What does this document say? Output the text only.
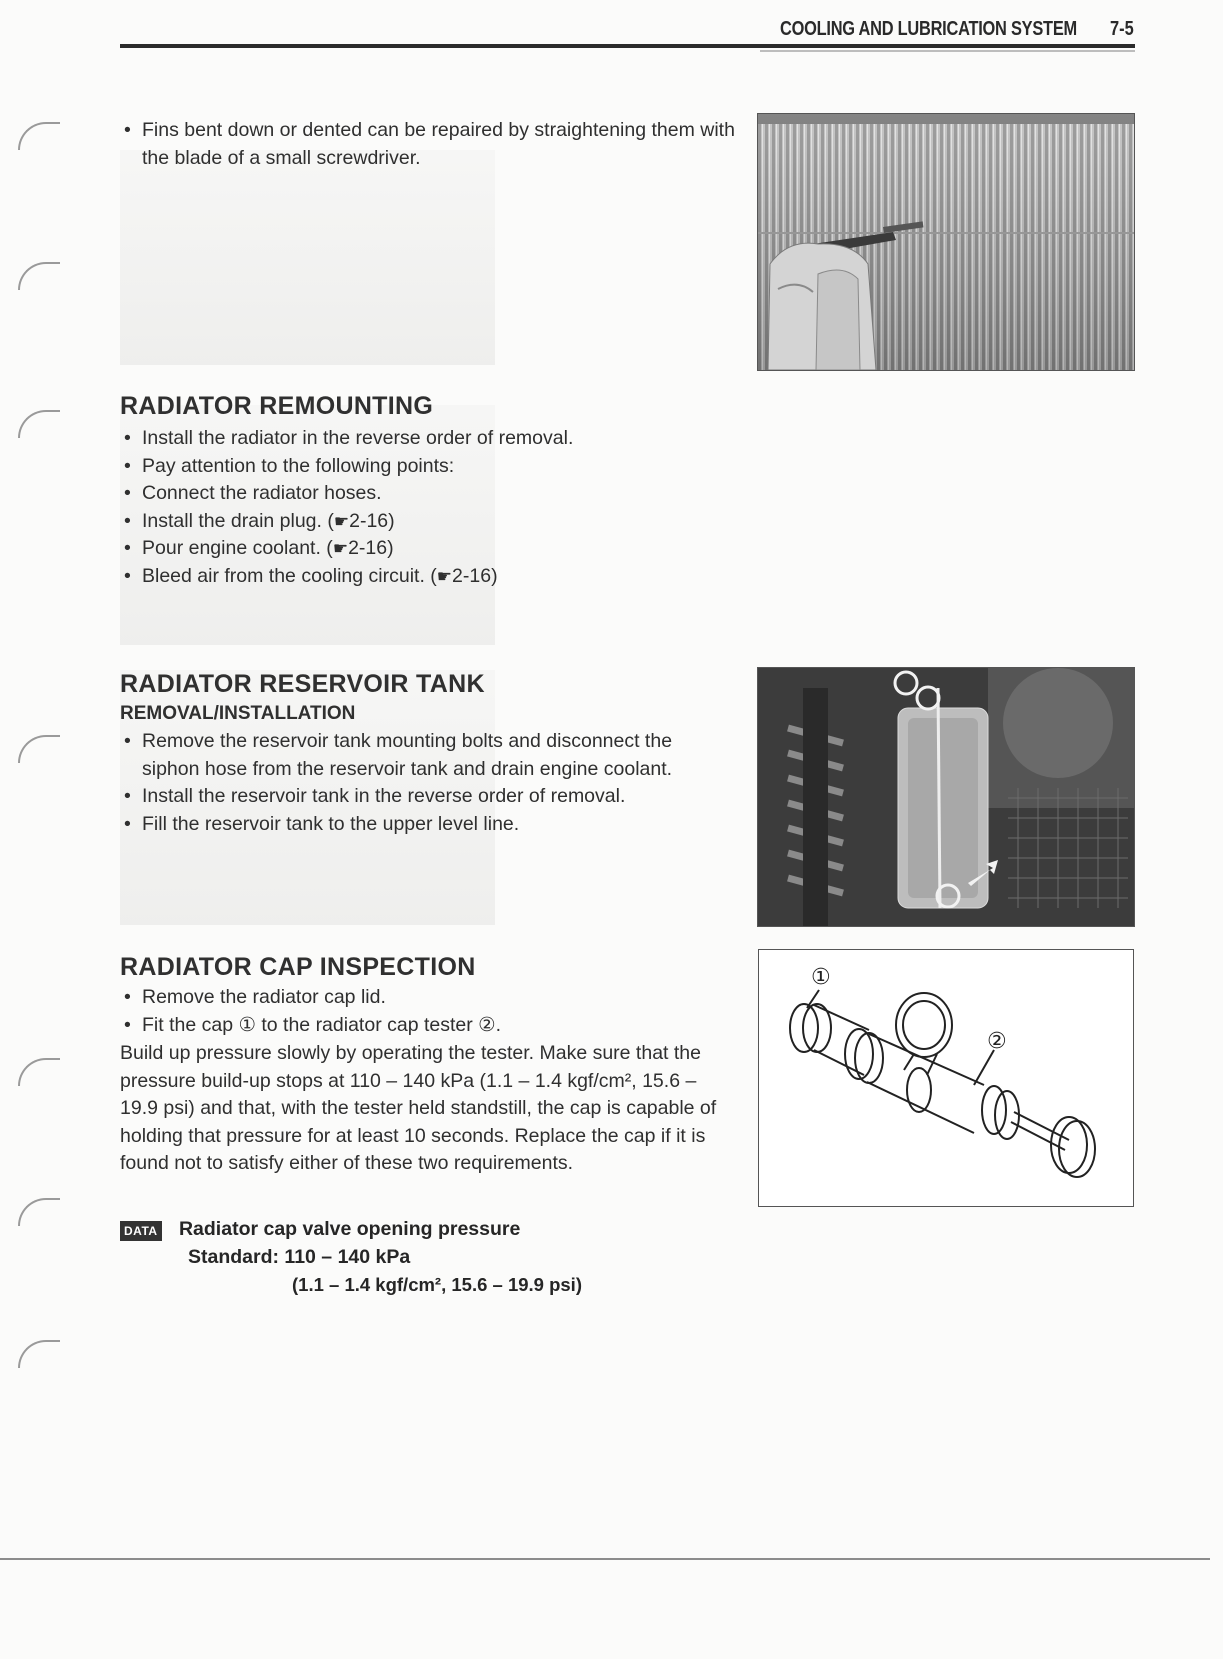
COOLING AND LUBRICATION SYSTEM 7-5
• Fins bent down or dented can be repaired by straightening them with the blade of a small screwdriver.
RADIATOR REMOUNTING
• Install the radiator in the reverse order of removal.
• Pay attention to the following points:
• Connect the radiator hoses.
• Install the drain plug. (☛2-16)
• Pour engine coolant. (☛2-16)
• Bleed air from the cooling circuit. (☛2-16)
RADIATOR RESERVOIR TANK
REMOVAL/INSTALLATION
• Remove the reservoir tank mounting bolts and disconnect the siphon hose from the reservoir tank and drain engine coolant.
• Install the reservoir tank in the reverse order of removal.
• Fill the reservoir tank to the upper level line.
RADIATOR CAP INSPECTION
• Remove the radiator cap lid.
• Fit the cap ① to the radiator cap tester ②.
Build up pressure slowly by operating the tester. Make sure that the pressure build-up stops at 110 – 140 kPa (1.1 – 1.4 kgf/cm², 15.6 – 19.9 psi) and that, with the tester held standstill, the cap is capable of holding that pressure for at least 10 seconds. Replace the cap if it is found not to satisfy either of these two requirements.
①
②
DATA Radiator cap valve opening pressure
Standard: 110 – 140 kPa
(1.1 – 1.4 kgf/cm², 15.6 – 19.9 psi)
